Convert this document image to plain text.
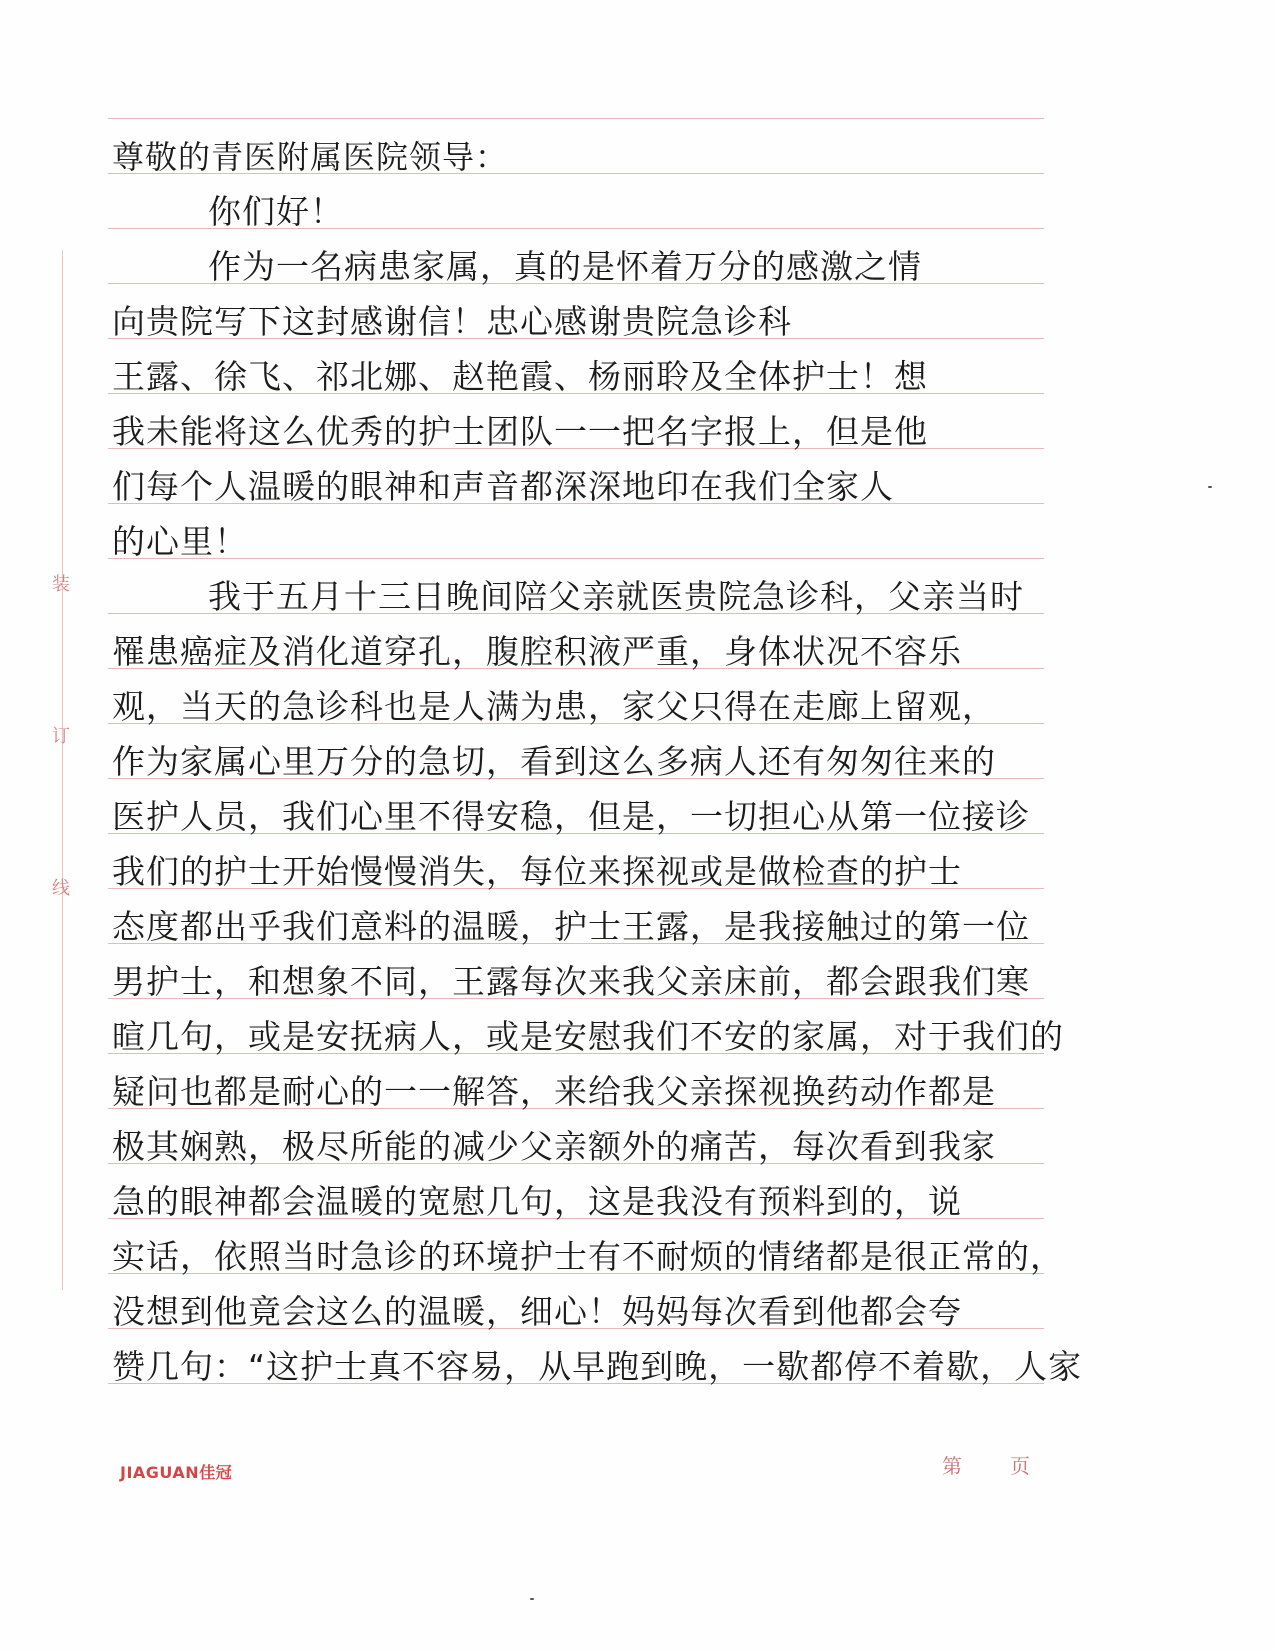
装
订
线
尊敬的青医附属医院领导：
你们好！
作为一名病患家属，真的是怀着万分的感激之情
向贵院写下这封感谢信！忠心感谢贵院急诊科
王露、徐飞、祁北娜、赵艳霞、杨丽聆及全体护士！想
我未能将这么优秀的护士团队一一把名字报上，但是他
们每个人温暖的眼神和声音都深深地印在我们全家人
的心里！
我于五月十三日晚间陪父亲就医贵院急诊科，父亲当时
罹患癌症及消化道穿孔，腹腔积液严重，身体状况不容乐
观，当天的急诊科也是人满为患，家父只得在走廊上留观，
作为家属心里万分的急切，看到这么多病人还有匆匆往来的
医护人员，我们心里不得安稳，但是，一切担心从第一位接诊
我们的护士开始慢慢消失，每位来探视或是做检查的护士
态度都出乎我们意料的温暖，护士王露，是我接触过的第一位
男护士，和想象不同，王露每次来我父亲床前，都会跟我们寒
暄几句，或是安抚病人，或是安慰我们不安的家属，对于我们的
疑问也都是耐心的一一解答，来给我父亲探视换药动作都是
极其娴熟，极尽所能的减少父亲额外的痛苦，每次看到我家
急的眼神都会温暖的宽慰几句，这是我没有预料到的，说
实话，依照当时急诊的环境护士有不耐烦的情绪都是很正常的，
没想到他竟会这么的温暖，细心！妈妈每次看到他都会夸
赞几句：“这护士真不容易，从早跑到晚，一歇都停不着歇，人家
JIAGUAN佳冠	第 页
